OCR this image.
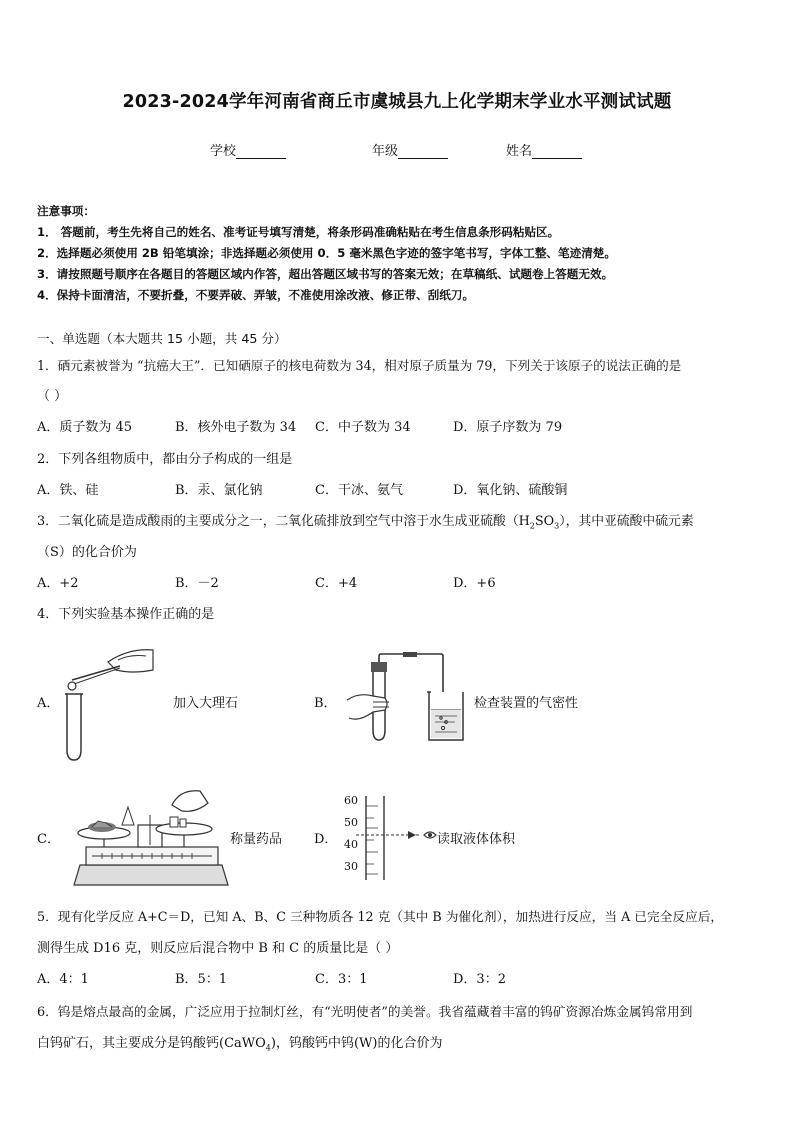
2023-2024学年河南省商丘市虞城县九上化学期末学业水平测试试题
学校	年级	姓名
注意事项：
1． 答题前，考生先将自己的姓名、准考证号填写清楚，将条形码准确粘贴在考生信息条形码粘贴区。
2．选择题必须使用 2B 铅笔填涂；非选择题必须使用 0．5 毫米黑色字迹的签字笔书写，字体工整、笔迹清楚。
3．请按照题号顺序在各题目的答题区域内作答，超出答题区域书写的答案无效；在草稿纸、试题卷上答题无效。
4．保持卡面清洁，不要折叠，不要弄破、弄皱，不准使用涂改液、修正带、刮纸刀。
一、单选题（本大题共 15 小题，共 45 分）
1．硒元素被誉为 “抗癌大王”．已知硒原子的核电荷数为 34，相对原子质量为 79，下列关于该原子的说法正确的是
（ ）
A．质子数为 45	B．核外电子数为 34 C．中子数为 34	D．原子序数为 79
2．下列各组物质中，都由分子构成的一组是
A．铁、硅	B．汞、氯化钠	C．干冰、氨气	D．氧化钠、硫酸铜
3．二氧化硫是造成酸雨的主要成分之一，二氧化硫排放到空气中溶于水生成亚硫酸$(H_2SO_3)$，其中亚硫酸中硫元素
（S）的化合价为
A．+2	B．－2	C．+4	D．+6
4．下列实验基本操作正确的是
A．	加入大理石	B．	检查装置的气密性
C．	称量药品 D．
60
50
40
30
读取液体体积
5．现有化学反应 A+C＝D，已知 A、B、C 三种物质各 12 克（其中 B 为催化剂），加热进行反应，当 A 已完全反应后，
测得生成 D16 克，则反应后混合物中 B 和 C 的质量比是（ ）
A．4：1	B．5：1	C．3：1	D．3：2
6．钨是熔点最高的金属，广泛应用于拉制灯丝，有“光明使者”的美誉。我省蕴藏着丰富的钨矿资源冶炼金属钨常用到
白钨矿石，其主要成分是钨酸钙(CaWO$_4$)，钨酸钙中钨(W)的化合价为
